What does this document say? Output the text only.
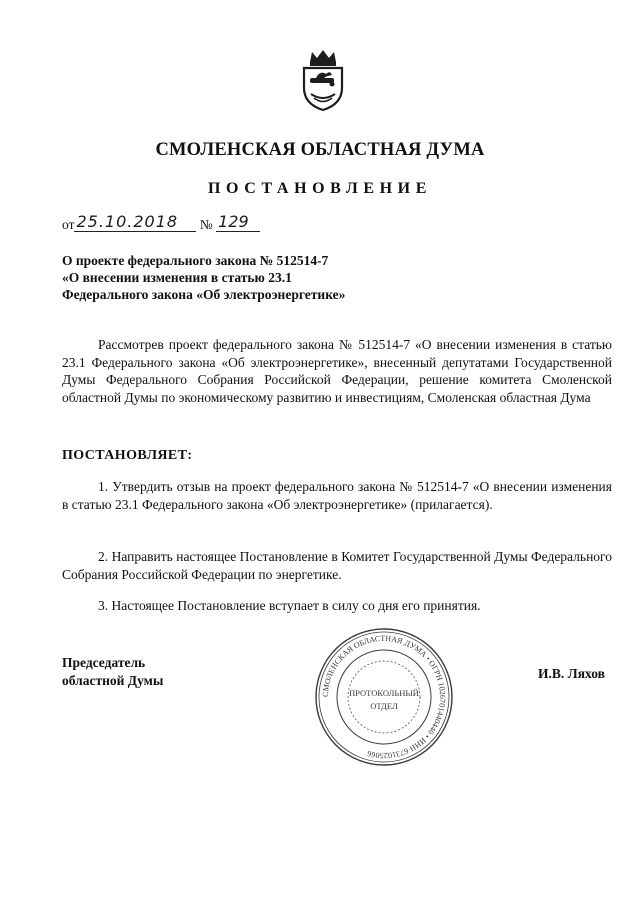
СМОЛЕНСКАЯ ОБЛАСТНАЯ ДУМА
ПОСТАНОВЛЕНИЕ
от 25.10.2018 № 129
О проекте федерального закона № 512514-7
«О внесении изменения в статью 23.1
Федерального закона «Об электроэнергетике»
Рассмотрев проект федерального закона № 512514-7 «О внесении изменения в статью 23.1 Федерального закона «Об электроэнергетике», внесенный депутатами Государственной Думы Федерального Собрания Российской Федерации, решение комитета Смоленской областной Думы по экономическому развитию и инвестициям, Смоленская областная Дума
ПОСТАНОВЛЯЕТ:
1. Утвердить отзыв на проект федерального закона № 512514-7 «О внесении изменения в статью 23.1 Федерального закона «Об электроэнергетике» (прилагается).
2. Направить настоящее Постановление в Комитет Государственной Думы Федерального Собрания Российской Федерации по энергетике.
3. Настоящее Постановление вступает в силу со дня его принятия.
Председатель
областной Думы
СМОЛЕНСКАЯ ОБЛАСТНАЯ ДУМА • ОГРН 1026701440440 • ИНН 6731025066
ПРОТОКОЛЬНЫЙ
ОТДЕЛ
И.В. Ляхов
